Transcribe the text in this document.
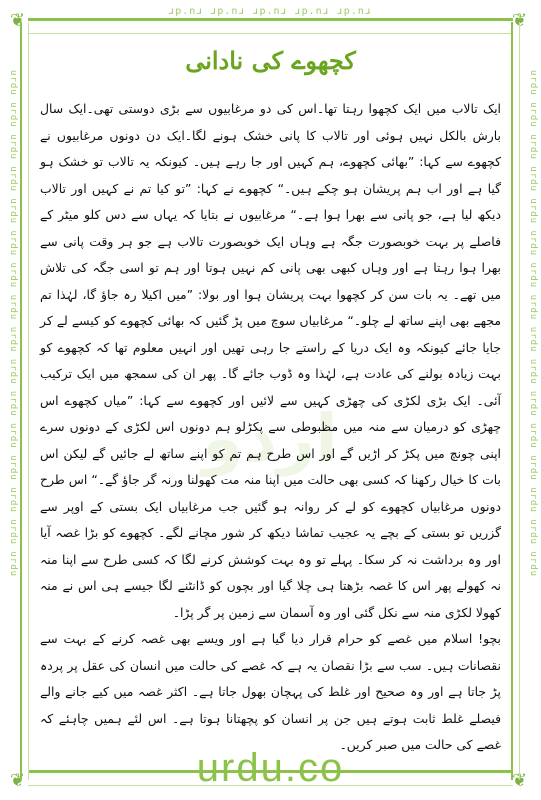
❦	❦
❦	❦
ɹp.nɹ ɹp.nɹ ɹp.nɹ ɹp.nɹ ɹp.nɹ
urdu urdu urdu urdu urdu urdu urdu urdu urdu urdu urdu urdu urdu urdu urdu urdu	urdu urdu urdu urdu urdu urdu urdu urdu urdu urdu urdu urdu urdu urdu urdu urdu
کچھوے کی نادانی
اردو

ایک تالاب میں ایک کچھوا رہتا تھا۔اس کی دو مرغابیوں سے بڑی دوستی تھی۔ایک سال بارش بالکل نہیں ہوئی اور تالاب کا پانی خشک ہونے لگا۔ایک دن دونوں مرغابیوں نے کچھوے سے کہا: ”بھائی کچھوے، ہم کہیں اور جا رہے ہیں۔ کیونکہ یہ تالاب تو خشک ہو گیا ہے اور اب ہم پریشان ہو چکے ہیں۔“ کچھوے نے کہا: ”تو کیا تم نے کہیں اور تالاب دیکھ لیا ہے، جو پانی سے بھرا ہوا ہے۔“ مرغابیوں نے بتایا کہ یہاں سے دس کلو میٹر کے فاصلے پر بہت خوبصورت جگہ ہے وہاں ایک خوبصورت تالاب ہے جو ہر وقت پانی سے بھرا ہوا رہتا ہے اور وہاں کبھی بھی پانی کم نہیں ہوتا اور ہم تو اسی جگہ کی تلاش میں تھے۔ یہ بات سن کر کچھوا بہت پریشان ہوا اور بولا: ”میں اکیلا رہ جاؤ گا، لہٰذا تم مجھے بھی اپنے ساتھ لے چلو۔“ مرغابیاں سوچ میں پڑ گئیں کہ بھائی کچھوے کو کیسے لے کر جایا جائے کیونکہ وہ ایک دریا کے راستے جا رہی تھیں اور انہیں معلوم تھا کہ کچھوے کو بہت زیادہ بولنے کی عادت ہے، لہٰذا وہ ڈوب جائے گا۔ پھر ان کی سمجھ میں ایک ترکیب آئی۔ ایک بڑی لکڑی کی چھڑی کہیں سے لائیں اور کچھوے سے کہا: ”میاں کچھوے اس چھڑی کو درمیان سے منہ میں مظبوطی سے پکڑلو ہم دونوں اس لکڑی کے دونوں سرے اپنی چونچ میں پکڑ کر اڑیں گے اور اس طرح ہم تم کو اپنے ساتھ لے جائیں گے لیکن اس بات کا خیال رکھنا کہ کسی بھی حالت میں اپنا منہ مت کھولنا ورنہ گر جاؤ گے۔“ اس طرح دونوں مرغابیاں کچھوے کو لے کر روانہ ہو گئیں جب مرغابیاں ایک بستی کے اوپر سے گزریں تو بستی کے بچے یہ عجیب تماشا دیکھ کر شور مچانے لگے۔ کچھوے کو بڑا غصہ آیا اور وہ برداشت نہ کر سکا۔ پہلے تو وہ بہت کوشش کرنے لگا کہ کسی طرح سے اپنا منہ نہ کھولے پھر اس کا غصہ بڑھتا ہی چلا گیا اور بچوں کو ڈانٹنے لگا جیسے ہی اس نے منہ کھولا لکڑی منہ سے نکل گئی اور وہ آسمان سے زمین پر گر پڑا۔

بچو! اسلام میں غصے کو حرام قرار دیا گیا ہے اور ویسے بھی غصہ کرنے کے بہت سے نقصانات ہیں۔ سب سے بڑا نقصان یہ ہے کہ غصے کی حالت میں انسان کی عقل پر پردہ پڑ جاتا ہے اور وہ صحیح اور غلط کی پہچان بھول جاتا ہے۔ اکثر غصہ میں کیے جانے والے فیصلے غلط ثابت ہوتے ہیں جن پر انسان کو پچھتانا ہوتا ہے۔ اس لئے ہمیں چاہئے کہ غصے کی حالت میں صبر کریں۔

urdu.co
